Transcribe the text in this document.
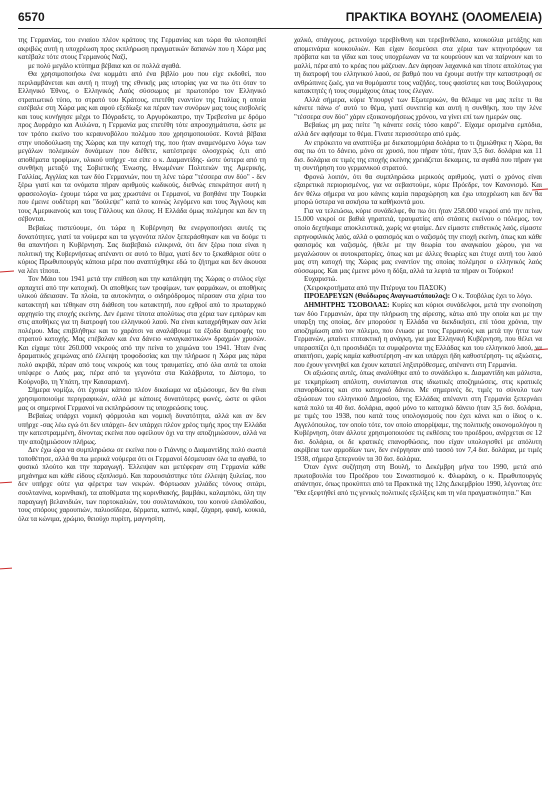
6570	ΠΡΑΚΤΙΚΑ ΒΟΥΛΗΣ (ΟΛΟΜΕΛΕΙΑ)

της Γερμανίας, του ενιαίου πλέον κράτους της Γερμανίας και τώρα θα υλοποιηθεί ακριβώς αυτή η υποχρέωση προς εκπλήρωση πραγματικών δαπανών που η Χώρα μας κατέβαλε τότε στους Γερμανούς Ναζί,

με πολύ μεγάλο κτύπημα βέβαια και σε πολλά αγαθά.

Θα χρησιμοποιήσω ένα κομμάτι από ένα βιβλίο μου που είχε εκδοθεί, που περιλαμβάνεται και αυτή η πτυχή της εθνικής μας ιστορίας για να πω ότι όταν το Ελληνικό Έθνος, ο Ελληνικός Λαός σύσσωμος με πρωτοπόρο τον Ελληνικό στρατιωτικό τύπο, το στρατό του Κράτους, επετέθη εναντίον της Ιταλίας η οποία εισέβαλε στη Χώρα μας και αφού εξεδίωξε κα πέραν των συνόρων μας τους εισβολείς και τους κυνήγησε μέχρι το Πόγραδετς, το Αργυρόκαστρο, την Τρεβεσίνα με δρόμο προς Δυρράχιο και Αυλώνα, η Γερμανία μας επετέθη τότε απροσχημάτιστα, ώστε με τον τρόπο εκείνο του κεραυνοβόλου πολέμου που χρησιμοποιούσε. Κοντά βέβαια στην υποδούλωση της Χώρας και την κατοχή της, που ήταν αναμενόμενο λόγω των μεγάλων πολεμικών δυνάμεων που διέθετε, κατέστρεψε ολοσχερώς ό,τι από αποθέματα τροφίμων, υλικού υπήρχε -τα είπε ο κ. Διαμαντίδης- ώστε ύστερα από τη συνθήκη μεταξύ της Σοβιετικής Ένωσης, Ηνωμένων Πολιτειών της Αμερικής, Γαλλίας, Αγγλίας και των δύο Γερμανιών, που τη λένε τώρα "τέσσερα συν δύο" - δεν ξέρω γιατί και τα ονόματα πήραν αριθμούς κωδικούς, διεθνώς επεκράτησε αυτή η φρασεολογία- έχουμε τώρα να μας χρωστάνε οι Γερμανοί, να βοηθάνε την Τουρκία που έμεινε ουδέτερη και "δούλεψε" κατά το κοινώς λεγόμενο και τους Άγγλους και τους Αμερικανούς και τους Γάλλους και όλους. Η Ελλάδα όμως πολέμησε και δεν τη σέβονται.

Βεβαίως πιστεύουμε, ότι τώρα η Κυβέρνηση θα ενεργοποιήσει αυτές τις δυνατότητες, γιατί τα νούμερα και τα γεγονότα πλέον ξεπεράσθηκαν και να δούμε τι θα απαντήσει η Κυβέρνηση. Σας διαβεβαιώ ειλικρινά, ότι δεν ξέρω ποια είναι η πολιτική της Κυβερνήσεως απέναντι σε αυτό το θέμα, γιατί δεν το ξεκαθάρισε ούτε ο κύριος Πρωθυπουργός κάποια μέρα που αναπτύχθηκε εδώ το ζήτημα και δεν άκουσα να λέει τίποτα.

Τον Μάιο του 1941 μετά την επίθεση και την κατάληψη της Χώρας ο στόλος είχε αρπαχτεί από την κατοχική. Οι αποθήκες των τροφίμων, των φαρμάκων, οι αποθήκες υλικού άδειασαν. Τα πλοία, τα αυτοκίνητα, ο σιδηρόδρομος πέρασαν στα χέρια του κατακτητή και τέθηκαν στη διάθεση του κατακτητή, που εχθροί από το πρωταρχικό αρχηγείο της εποχής εκείνης. Δεν έμεινε τίποτα απολύτως στα χέρια των εμπόρων και στις αποθήκες για τη διατροφή του ελληνικού λαού. Να είναι καταχρήθηκαν σαν λεία πολέμου. Μας επιβλήθηκε και το χαράτσι να αναλάβουμε τα έξοδα διατροφής του στρατού κατοχής. Μας επέβαλαν και ένα δάνειο «αναγκαστικών» δραχμών χρυσών. Και είχαμε τότε 260.000 νεκρούς από την πείνα το χειμώνα του 1941. Ήταν ένας δραματικός χειμώνας από έλλειψη τροφοδοσίας και την πλήρωσε η Χώρα μας πάρα πολύ ακριβά, πέραν από τους νεκρούς και τους τραυματίες, από όλα αυτά τα οποία υπέφερε ο Λαός μας, πέρα από τα γεγονότα στα Καλάβρυτα, το Δίστομο, το Κούρνοβο, τη Υπάτη, την Καισαριανή.

Σήμερα νομίζω, ότι έχουμε κάποιο πλέον δικαίωμα να αξιώσουμε, δεν θα είναι χρησιμοποιούμε περιγραφικών, αλλά με κάποιες δυνατότερες φωνές, ώστε οι φίλοι μας οι σημερινοί Γερμανοί να εκπληρώσουν τις υποχρεώσεις τους.

Βεβαίως υπάρχει νομική φόρμουλα και νομική δυνατότητα, αλλά και αν δεν υπήρχε -σας λέω εγώ ότι δεν υπάρχει- δεν υπάρχει πλέον χρέος τιμής προς την Ελλάδα την κατεστραμμένη, δίνοντας εκείνα που οφείλουν όχι να την αποζημιώσουν, αλλά να την αποζημιώσουν πλήρως.

Δεν έχω ώρα να συμπληρώσω σε εκείνα που ο Γιάννης ο Διαμαντίδης πολύ σωστά τοποθέτησε, αλλά θα πω μερικά νούμερα ότι οι Γερμανοί δέσμευσαν όλα τα αγαθά, το φυσικό πλούτο και την παραγωγή. Έλλειψαν και μετέφεραν στη Γερμανία κάθε μηχάνημα και κάθε είδους εξοπλισμό. Και παρουσιάστηκε τότε έλλειψη ξυλείας, που δεν υπήρχε ούτε για φέρετρα των νεκρών. Φόρτωσαν χιλιάδες τόνους σιτάρι, σουλτανίνα, κορινθιακή, τα αποθέματα της κορινθιακής, βαμβάκι, καλαμπόκι, όλη την παραγωγή βελανιδιών, των πορτοκαλιών, του σουλτανιάκου, του κοινού ελαιόλαδου, τους σπόρους χαρουπιών, παλιοσίδερα, δέρματα, καπνό, καφέ, ζάχαρη, φακή, κουκιά, όλα τα κώνιμα, χρώμιο, θειούχο πυρίτη, μαγνησίτη,

χαλκό, σπάγγους, ρετινούχο τερεβίνθινη και τερεβινθέλαιο, κουκούλια μετάξης και απομεινάρια κουκουλιών. Και είχαν δεσμεύσει στα χέρια των κτηνοτρόφων τα πρόβατα και τα γίδια και τους υποχρέωναν να τα κουρεύουν και να παίρνουν και το μαλλί, πέρα από το κρέας που μάζευαν. Δεν άφησαν λαχανικά και τίποτε απολύτως για τη διατροφή του ελληνικού λαού, σε βαθμό που να έχουμε αυτήν την καταστροφή σε ανθρώπινες ζωές, για να θυμόμαστε τους ναζήδες, τους φασίστες και τους Βούλγαρους κατακτητές ή τους συμμάχους όπως τους έλεγαν.

Αλλά σήμερα, κύριε Υπουργέ των Εξωτερικών, θα θέλαμε να μας πείτε τι θα κάνετε πάνω σ' αυτό το θέμα, γιατί συνεπείᾳ και αυτή η συνθήκη, που την λένε "τέσσερα συν δύο" χάριν εξοικονομήσεως χρόνου, να γίνει επί των ημερών σας.

Βεβαίως μη μας πείτε "η κάνατε εσείς τόσο καιρό". Είχαμε ορισμένα εμπόδια, αλλά δεν αφήσαμε το θέμα. Γίνατε περισσότερο από εμάς.

Αν επρόκειτο να αναπτύξω με διεκατομμύρια δολάρια το τι ζημιώθηκε η Χώρα, θα σας πω ότι το δάνειο, μόνο σε χρυσό, που πήραν τότε, ήταν 3,5 δισ. δολάρια και 11 δισ. δολάρια σε τιμές της εποχής εκείνης χρειάζεται δεκαμεις, τα αγαθά που πήραν για τη συντήρηση του γερμανικού στρατού.

Φρονώ λοιπόν, ότι θα συμπληρώσω μερικούς αριθμούς, γιατί ο χρόνος είναι εξαιρετικά περιορισμένος, για να σεβαστούμε, κύριε Πρόεδρε, τον Κανονισμό. Και δεν θέλω σήμερα να μου κάνεις καμία παραχώρηση και έχω υποχρέωση και δεν θα μπορώ ύστερα να ασκήσω τα καθήκοντά μου.

Για να τελειώσω, κύριε συνάδελφε, θα πω ότι ήταν 258.000 νεκροί από την πείνα, 15.000 νεκροί σε βαθιά γηρατειά, τραυματίες από στάσεις εκείνου ο πόλεμος, τον οποίο δεχτήκαμε αποκλειστικά, χωρίς να φταίμε. Δεν είμαστε επιθετικός λαός, είμαστε ειρηνοφιλικός λαός, αλλά ο φασισμός και ο ναζισμός την εποχή εκείνη, όπως και κάθε φασισμός και ναζισμός, ήθελε με την θεωρία του αναγκαίου χώρου, για να μεγαλώσουν οι αυτοκρατορίες, όπως και με άλλες θεωρίες και έτυχε αυτή του λαού μας στη κατοχή της Χώρας μας εναντίον της οποίας πολέμησε ο ελληνικός λαός σύσσωμος. Και μας έμεινε μόνο η δόξα, αλλά τα λεφτά τα πήραν οι Τούρκοι!

Ευχαριστώ.

(Χειροκροτήματα από την Πτέρυγα του ΠΑΣΟΚ)

ΠΡΟΕΔΡΕΥΩΝ (Θεόδωρος Αναγνωστόπουλος): Ο κ. Τσοβόλας έχει το λόγο.

ΔΗΜΗΤΡΗΣ ΤΣΟΒΟΛΑΣ: Κυρίες και κύριοι συνάδελφοι, μετά την ενοποίηση των δύο Γερμανιών, άρα την πλήρωση της αίρεσης, κάτω από την οποία και με την υπαρξη της οποίας, δεν μπορούσε η Ελλάδα να διεκδικήσει, επί τόσα χρόνια, την αποζημίωση από τον πόλεμο, που ένιωσε με τους Γερμανούς και μετά την ήττα των Γερμανών, μπαίνει επιτακτική η ανάγκη, για μια Ελληνική Κυβέρνηση, που θέλει να υπερασπίζει ό,τι προσιδιάζει τα συμφέροντα της Ελλάδας και του ελληνικού λαού, να απαιτήσει, χωρίς καμία καθυστέρηση -αν και υπάρχει ήδη καθυστέρηση- τις αξιώσεις, που έχουν γεννηθεί και έχουν κατατεί ληξιπρόθεσμες, απέναντι στη Γερμανία.

Οι αξιώσεις αυτές, όπως αναλύθηκε από το συνάδελφο κ. Διαμαντίδη και μάλιστα, με τεκμηρίωση απόλυτη, συνίστανται στις ιδιωτικές αποζημιώσεις, στις κρατικές επανορθώσεις και στο κατοχικό δάνειο. Με σημερινές δε, τιμές το σύνολο των αξιώσεων του ελληνικού Δημοσίου, της Ελλάδας απέναντι στη Γερμανία ξεπερνάει κατά πολύ τα 40 δισ. δολάρια, αφού μόνο το κατοχικό δάνειο ήταν 3,5 δισ. δολάρια, με τιμές του 1938, που κατά τους υπολογισμούς που έχει κάνει και ο ίδιος ο κ. Αγγελόπουλος, τον οποίο τότε, τον οποίο απορρίψαμε, της πολιτικής οικονομολόγου η Κυβέρνηση, όταν άλλοτε χρησιμοποιούσε τις εκθέσεις του προέδρου, ανέρχεται σε 12 δισ. δολάρια, οι δε κρατικές επανορθώσεις, που είχαν υπολογισθεί με απόλυτη ακρίβεια των αρμοδίων των, δεν ενέργησαν από τασσό τον 7,4 δισ. δολάρια, με τιμές 1938, σήμερα ξεπερνούν τα 30 δισ. δολάρια.

Όταν έγινε συζήτηση στη Βουλή, το Δεκέμβρη μήνα του 1990, μετά από πρωτοβουλία του Προέδρου του Συνασπισμού κ. Φλωράκη, ο κ. Πρωθυπουργός απάντησε, όπως προκύπτει από τα Πρακτικά της 12ης Δεκεμβρίου 1990, λέγοντας ότι: "Θα εξεφτήθεί από τις γενικές πολιτικές εξελίξεις και τη νέα πραγματικότητα." Και
